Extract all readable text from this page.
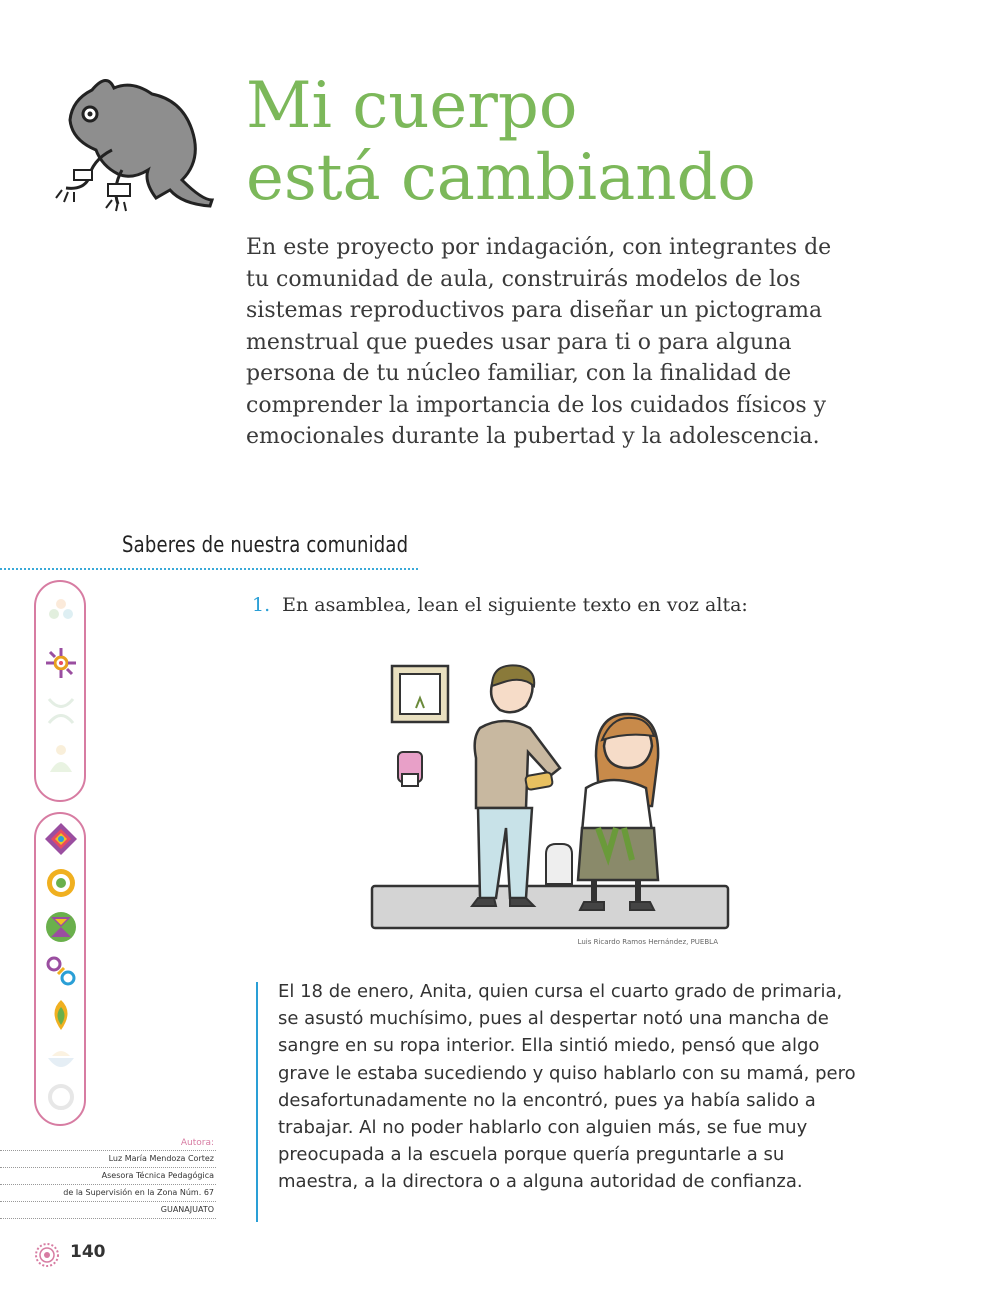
Mi cuerpo
está cambiando

En este proyecto por indagación, con integrantes de tu comunidad de aula, construirás modelos de los sistemas reproductivos para diseñar un pictograma menstrual que puedes usar para ti o para alguna persona de tu núcleo familiar, con la finalidad de comprender la importancia de los cuidados físicos y emocionales durante la pubertad y la adolescencia.

Saberes de nuestra comunidad
1. En asamblea, lean el siguiente texto en voz alta:
Luis Ricardo Ramos Hernández, PUEBLA

El 18 de enero, Anita, quien cursa el cuarto grado de primaria, se asustó muchísimo, pues al despertar notó una mancha de sangre en su ropa interior. Ella sintió miedo, pensó que algo grave le estaba sucediendo y quiso hablarlo con su mamá, pero desafortunadamente no la encontró, pues ya había salido a trabajar. Al no poder hablarlo con alguien más, se fue muy preocupada a la escuela porque quería preguntarle a su maestra, a la directora o a alguna autoridad de confianza.

Autora:
Luz María Mendoza Cortez
Asesora Técnica Pedagógica
de la Supervisión en la Zona Núm. 67
GUANAJUATO
140
